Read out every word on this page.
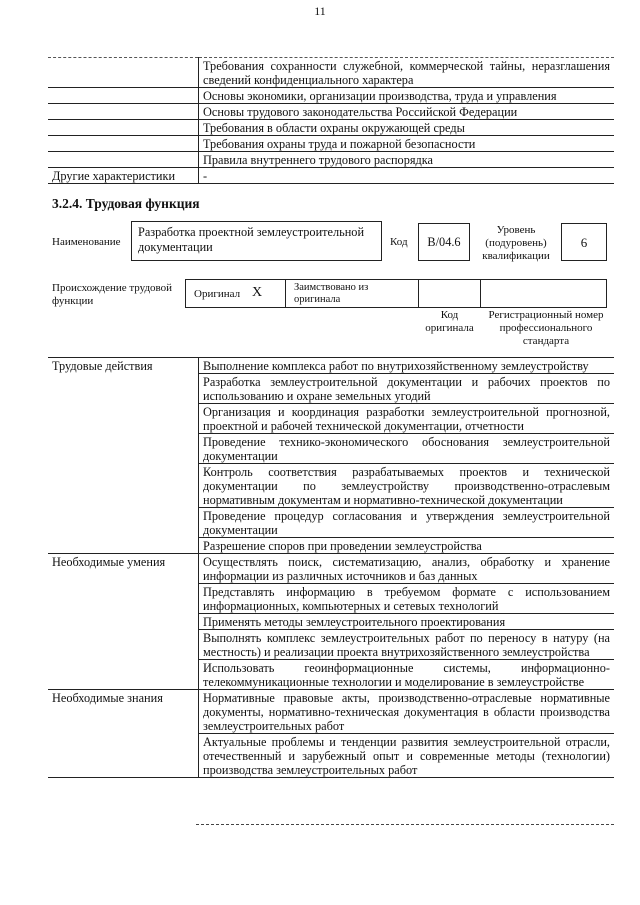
11
	Требования сохранности служебной, коммерческой тайны, неразглашения сведений конфиденциального характера
	Основы экономики, организации производства, труда и управления
	Основы трудового законодательства Российской Федерации
	Требования в области охраны окружающей среды
	Требования охраны труда и пожарной безопасности
	Правила внутреннего трудового распорядка
Другие характеристики	-
3.2.4. Трудовая функция
Наименование
Разработка проектной землеустроительной документации	Код	B/04.6
Уровень (подуровень) квалификации
6
Происхождение трудовой функции
Оригинал X	Заимствовано из оригинала
Код оригинала
Регистрационный номер профессионального стандарта
Трудовые действия	Выполнение комплекса работ по внутрихозяйственному землеустройству
	Разработка землеустроительной документации и рабочих проектов по использованию и охране земельных угодий
	Организация и координация разработки землеустроительной прогнозной, проектной и рабочей технической документации, отчетности
	Проведение технико-экономического обоснования землеустроительной документации
	Контроль соответствия разрабатываемых проектов и технической документации по землеустройству производственно-отраслевым нормативным документам и нормативно-технической документации
	Проведение процедур согласования и утверждения землеустроительной документации
	Разрешение споров при проведении землеустройства
Необходимые умения	Осуществлять поиск, систематизацию, анализ, обработку и хранение информации из различных источников и баз данных
	Представлять информацию в требуемом формате с использованием информационных, компьютерных и сетевых технологий
	Применять методы землеустроительного проектирования
	Выполнять комплекс землеустроительных работ по переносу в натуру (на местность) и реализации проекта внутрихозяйственного землеустройства
	Использовать геоинформационные системы, информационно-телекоммуникационные технологии и моделирование в землеустройстве
Необходимые знания	Нормативные правовые акты, производственно-отраслевые нормативные документы, нормативно-техническая документация в области производства землеустроительных работ
	Актуальные проблемы и тенденции развития землеустроительной отрасли, отечественный и зарубежный опыт и современные методы (технологии) производства землеустроительных работ
